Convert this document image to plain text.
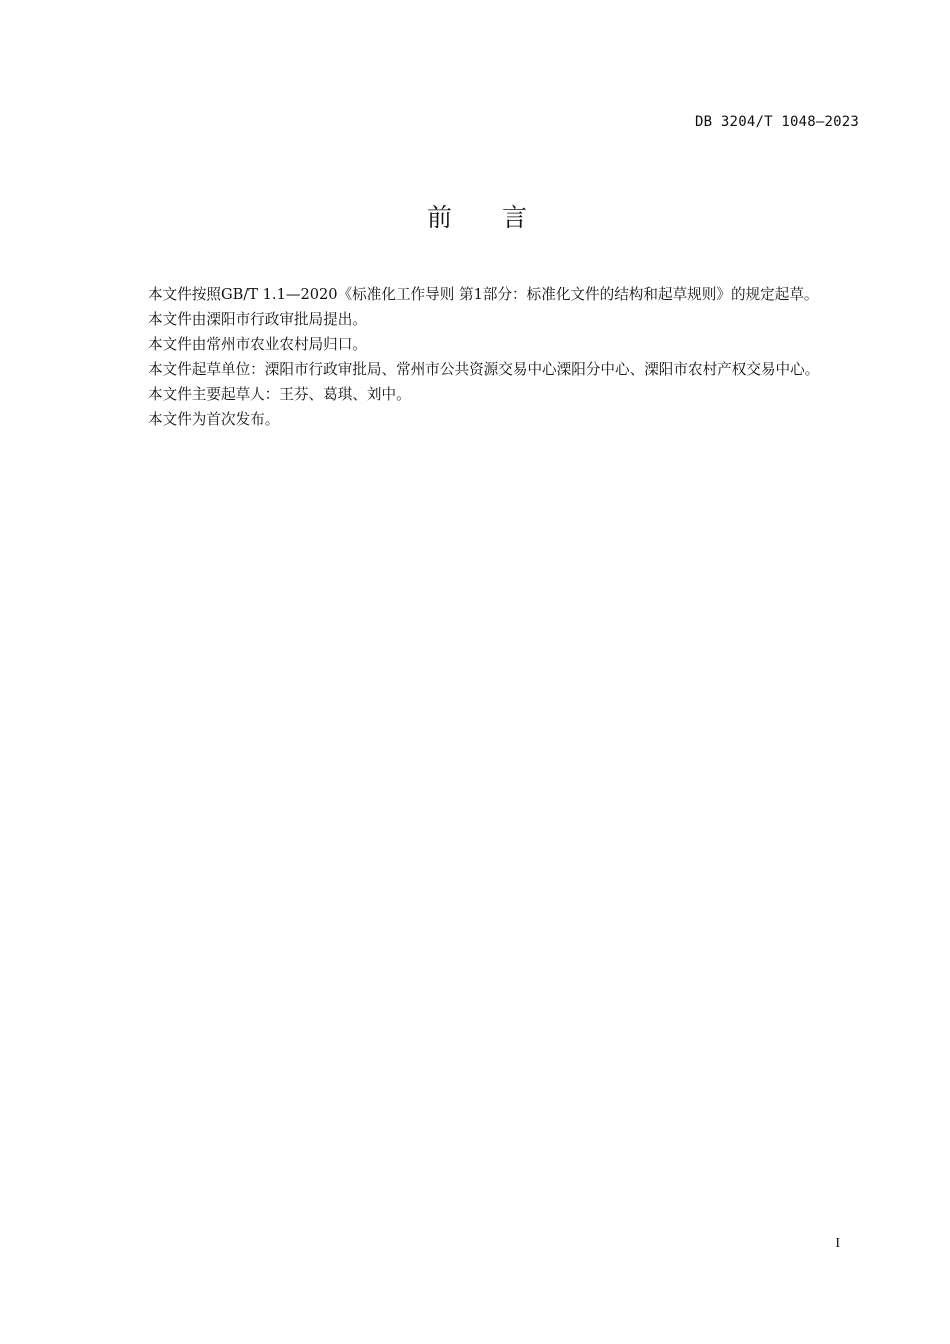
DB 3204/T 1048—2023
前言

本文件按照GB/T 1.1—2020《标准化工作导则 第1部分：标准化文件的结构和起草规则》的规定起草。

本文件由溧阳市行政审批局提出。

本文件由常州市农业农村局归口。

本文件起草单位：溧阳市行政审批局、常州市公共资源交易中心溧阳分中心、溧阳市农村产权交易中心。

本文件主要起草人：王芬、葛琪、刘中。

本文件为首次发布。

I
